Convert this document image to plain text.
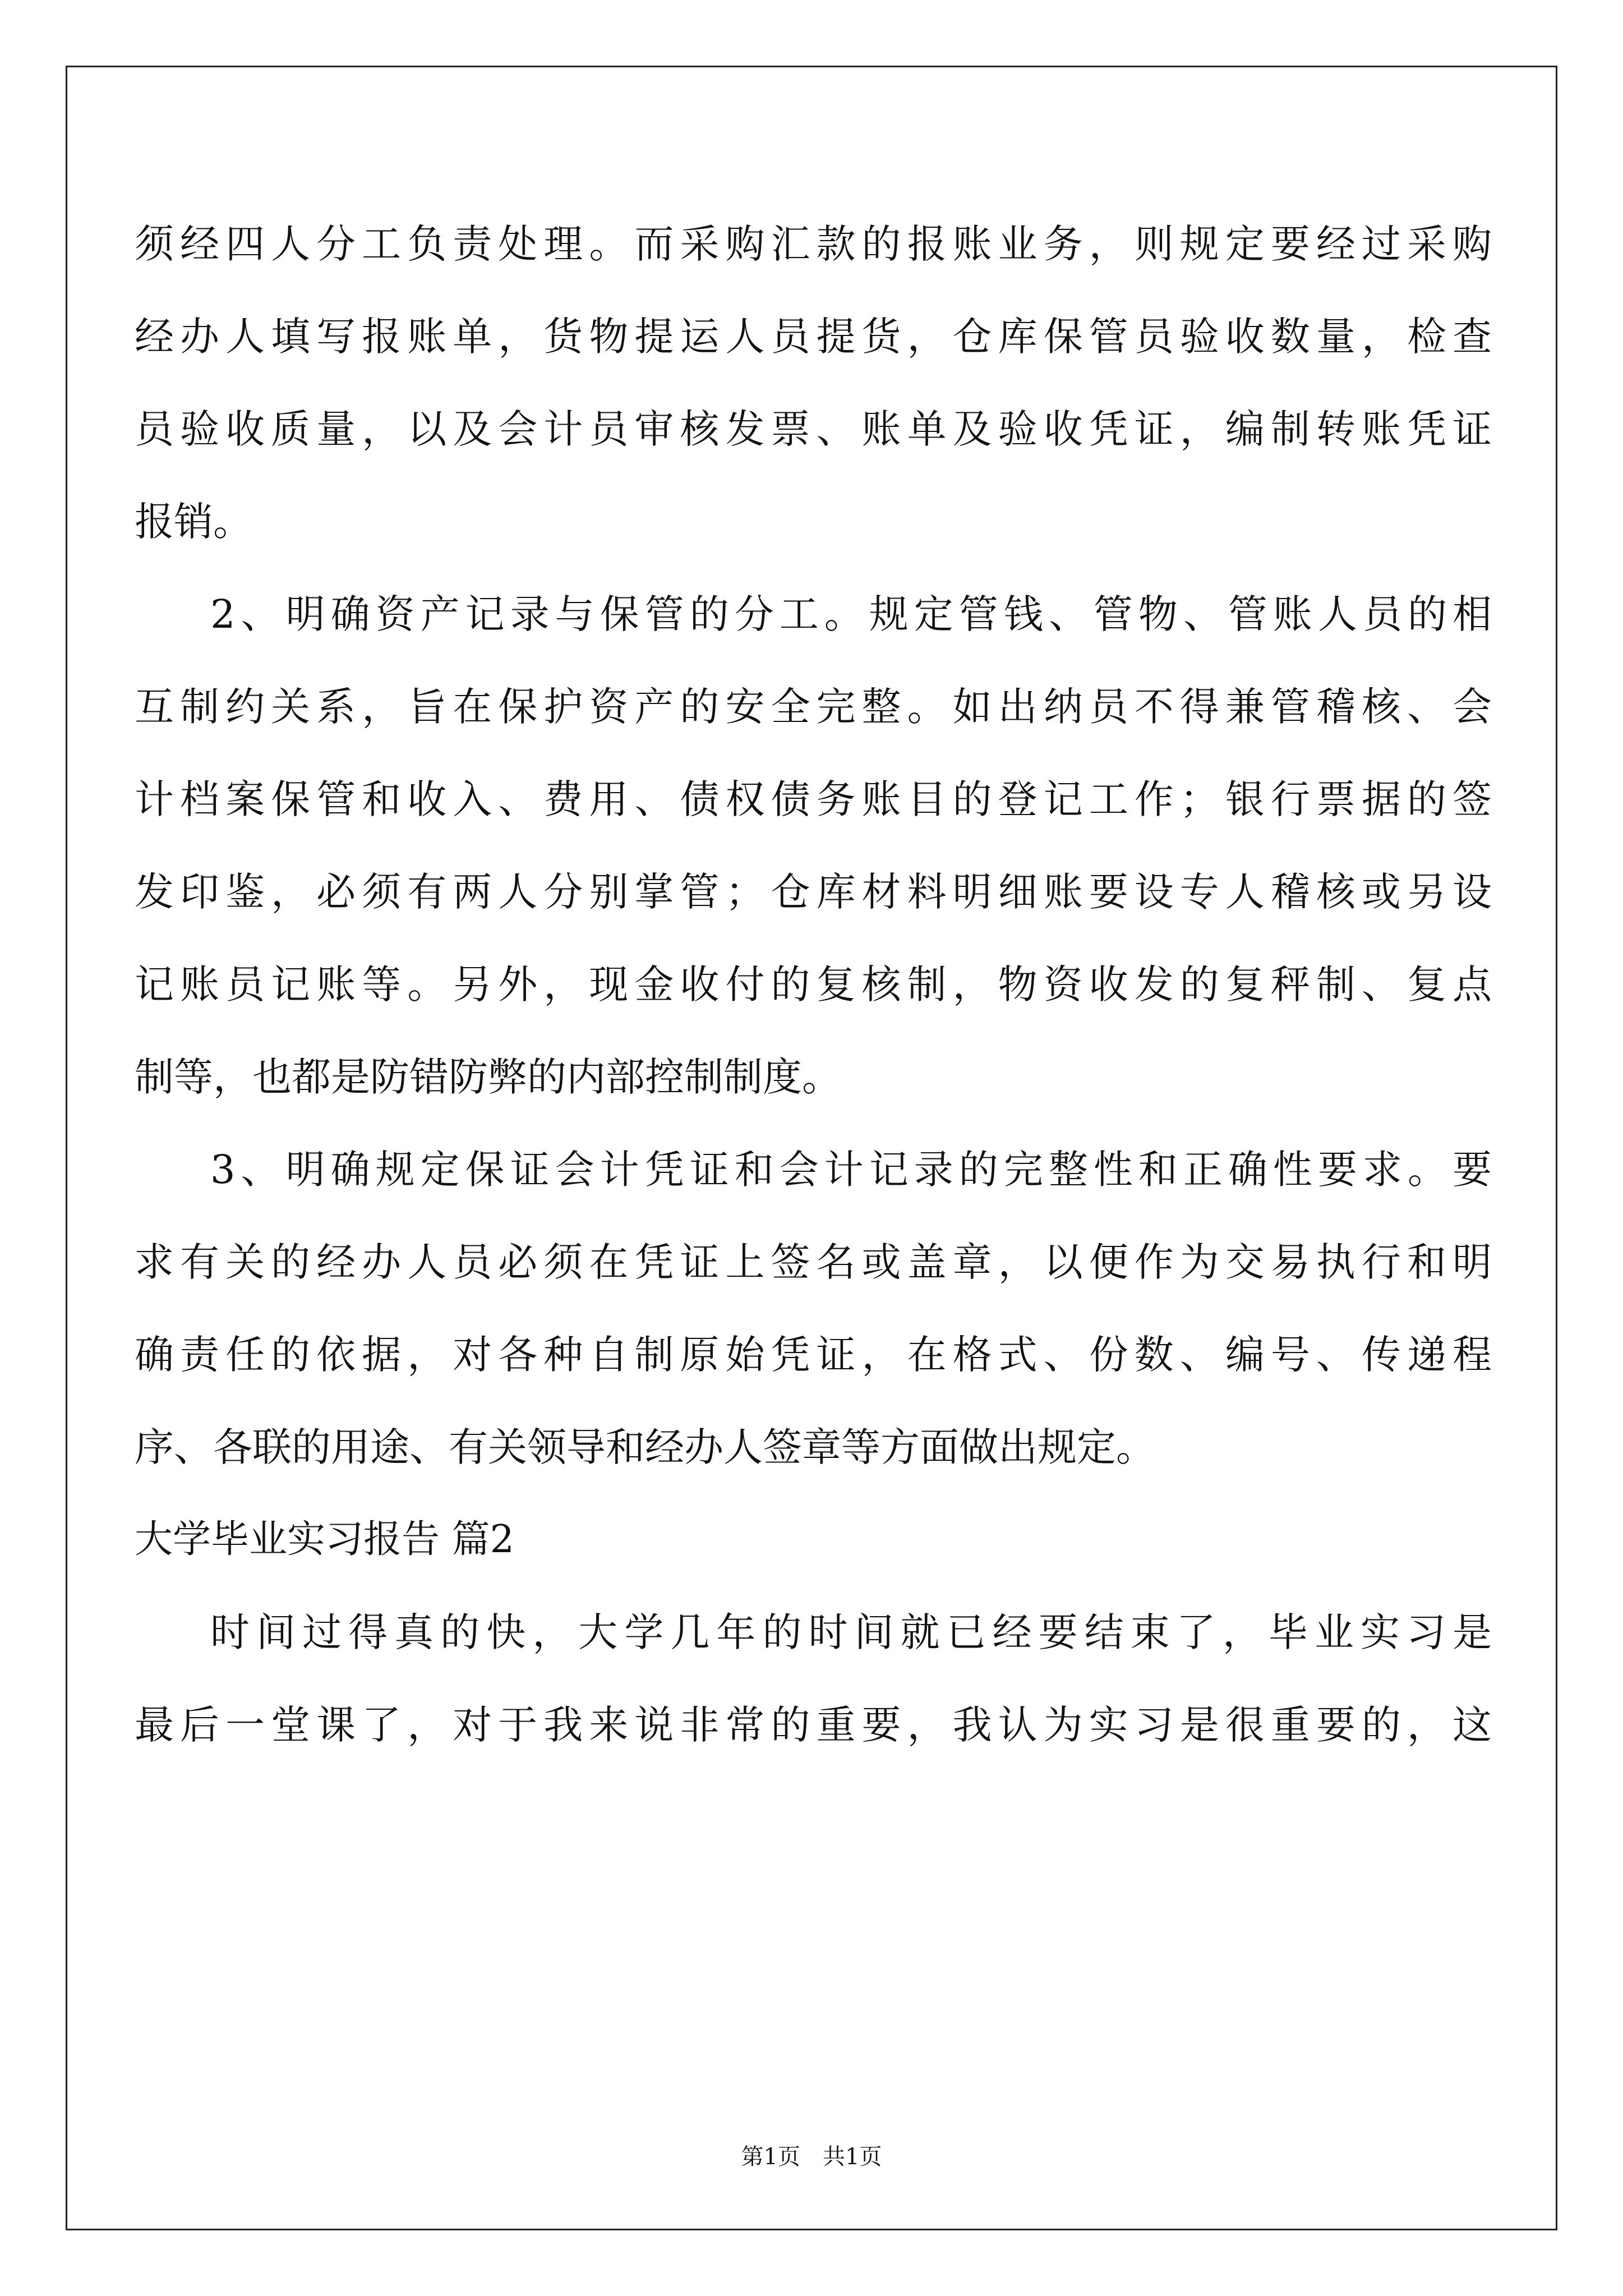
须经四人分工负责处理。而采购汇款的报账业务，则规定要经过采购
经办人填写报账单，货物提运人员提货，仓库保管员验收数量，检查
员验收质量，以及会计员审核发票、账单及验收凭证，编制转账凭证
报销。
2、明确资产记录与保管的分工。规定管钱、管物、管账人员的相
互制约关系，旨在保护资产的安全完整。如出纳员不得兼管稽核、会
计档案保管和收入、费用、债权债务账目的登记工作；银行票据的签
发印鉴，必须有两人分别掌管；仓库材料明细账要设专人稽核或另设
记账员记账等。另外，现金收付的复核制，物资收发的复秤制、复点
制等，也都是防错防弊的内部控制制度。
3、明确规定保证会计凭证和会计记录的完整性和正确性要求。要
求有关的经办人员必须在凭证上签名或盖章，以便作为交易执行和明
确责任的依据，对各种自制原始凭证，在格式、份数、编号、传递程
序、各联的用途、有关领导和经办人签章等方面做出规定。
大学毕业实习报告 篇2
时间过得真的快，大学几年的时间就已经要结束了，毕业实习是
最后一堂课了，对于我来说非常的重要，我认为实习是很重要的，这
第1页　共1页
